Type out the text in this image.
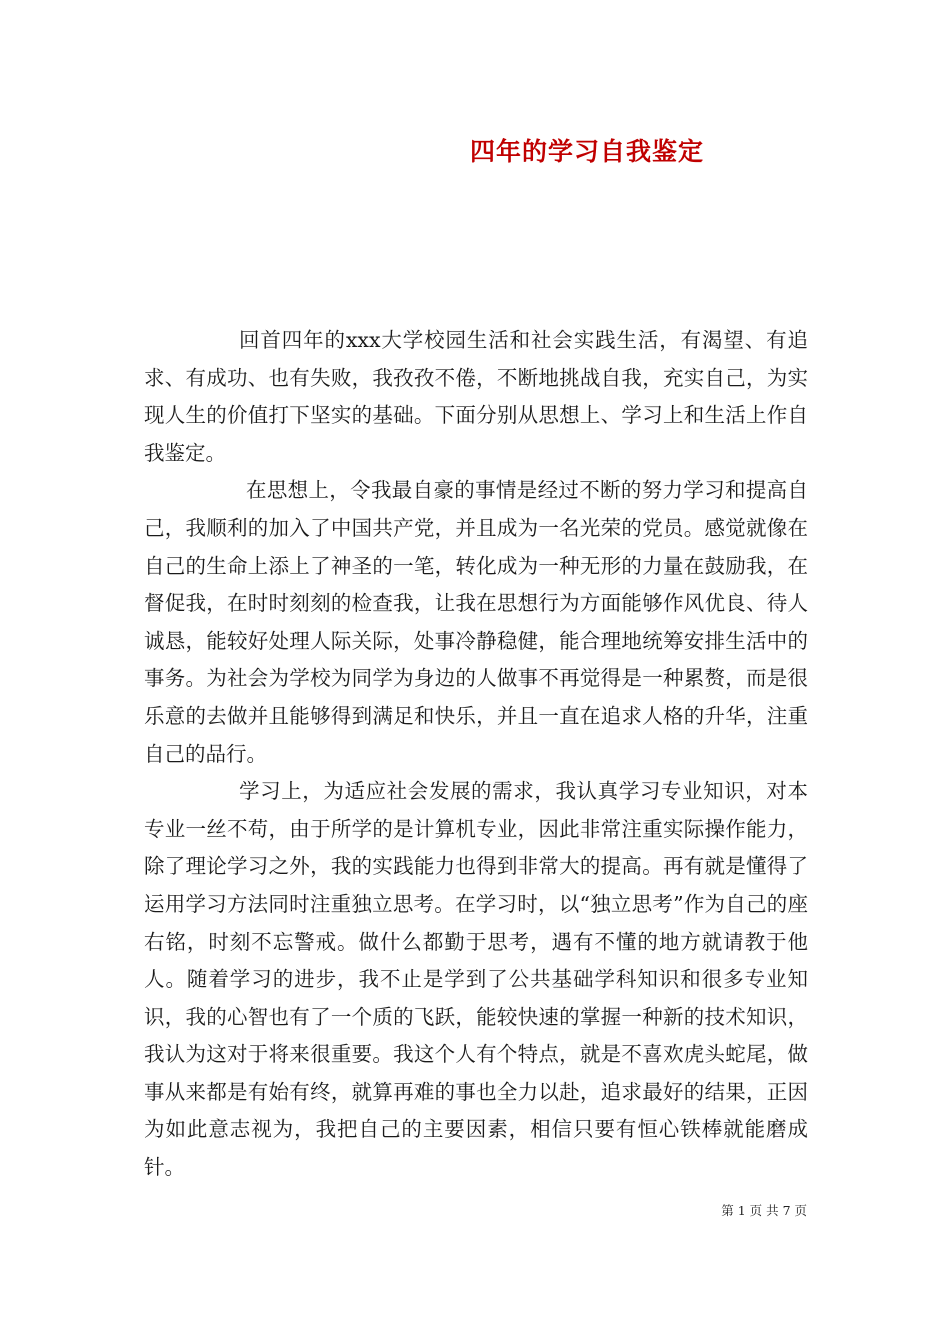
四年的学习自我鉴定

回首四年的xxx大学校园生活和社会实践生活，有渴望、有追求、有成功、也有失败，我孜孜不倦，不断地挑战自我，充实自己，为实现人生的价值打下坚实的基础。下面分别从思想上、学习上和生活上作自我鉴定。

在思想上，令我最自豪的事情是经过不断的努力学习和提高自己，我顺利的加入了中国共产党，并且成为一名光荣的党员。感觉就像在自己的生命上添上了神圣的一笔，转化成为一种无形的力量在鼓励我，在督促我，在时时刻刻的检查我，让我在思想行为方面能够作风优良、待人诚恳，能较好处理人际关际，处事冷静稳健，能合理地统筹安排生活中的事务。为社会为学校为同学为身边的人做事不再觉得是一种累赘，而是很乐意的去做并且能够得到满足和快乐，并且一直在追求人格的升华，注重自己的品行。

学习上，为适应社会发展的需求，我认真学习专业知识，对本专业一丝不苟，由于所学的是计算机专业，因此非常注重实际操作能力，除了理论学习之外，我的实践能力也得到非常大的提高。再有就是懂得了运用学习方法同时注重独立思考。在学习时，以“独立思考”作为自己的座右铭，时刻不忘警戒。做什么都勤于思考，遇有不懂的地方就请教于他人。随着学习的进步，我不止是学到了公共基础学科知识和很多专业知识，我的心智也有了一个质的飞跃，能较快速的掌握一种新的技术知识，我认为这对于将来很重要。我这个人有个特点，就是不喜欢虎头蛇尾，做事从来都是有始有终，就算再难的事也全力以赴，追求最好的结果，正因为如此意志视为，我把自己的主要因素，相信只要有恒心铁棒就能磨成针。

第 1 页 共 7 页
